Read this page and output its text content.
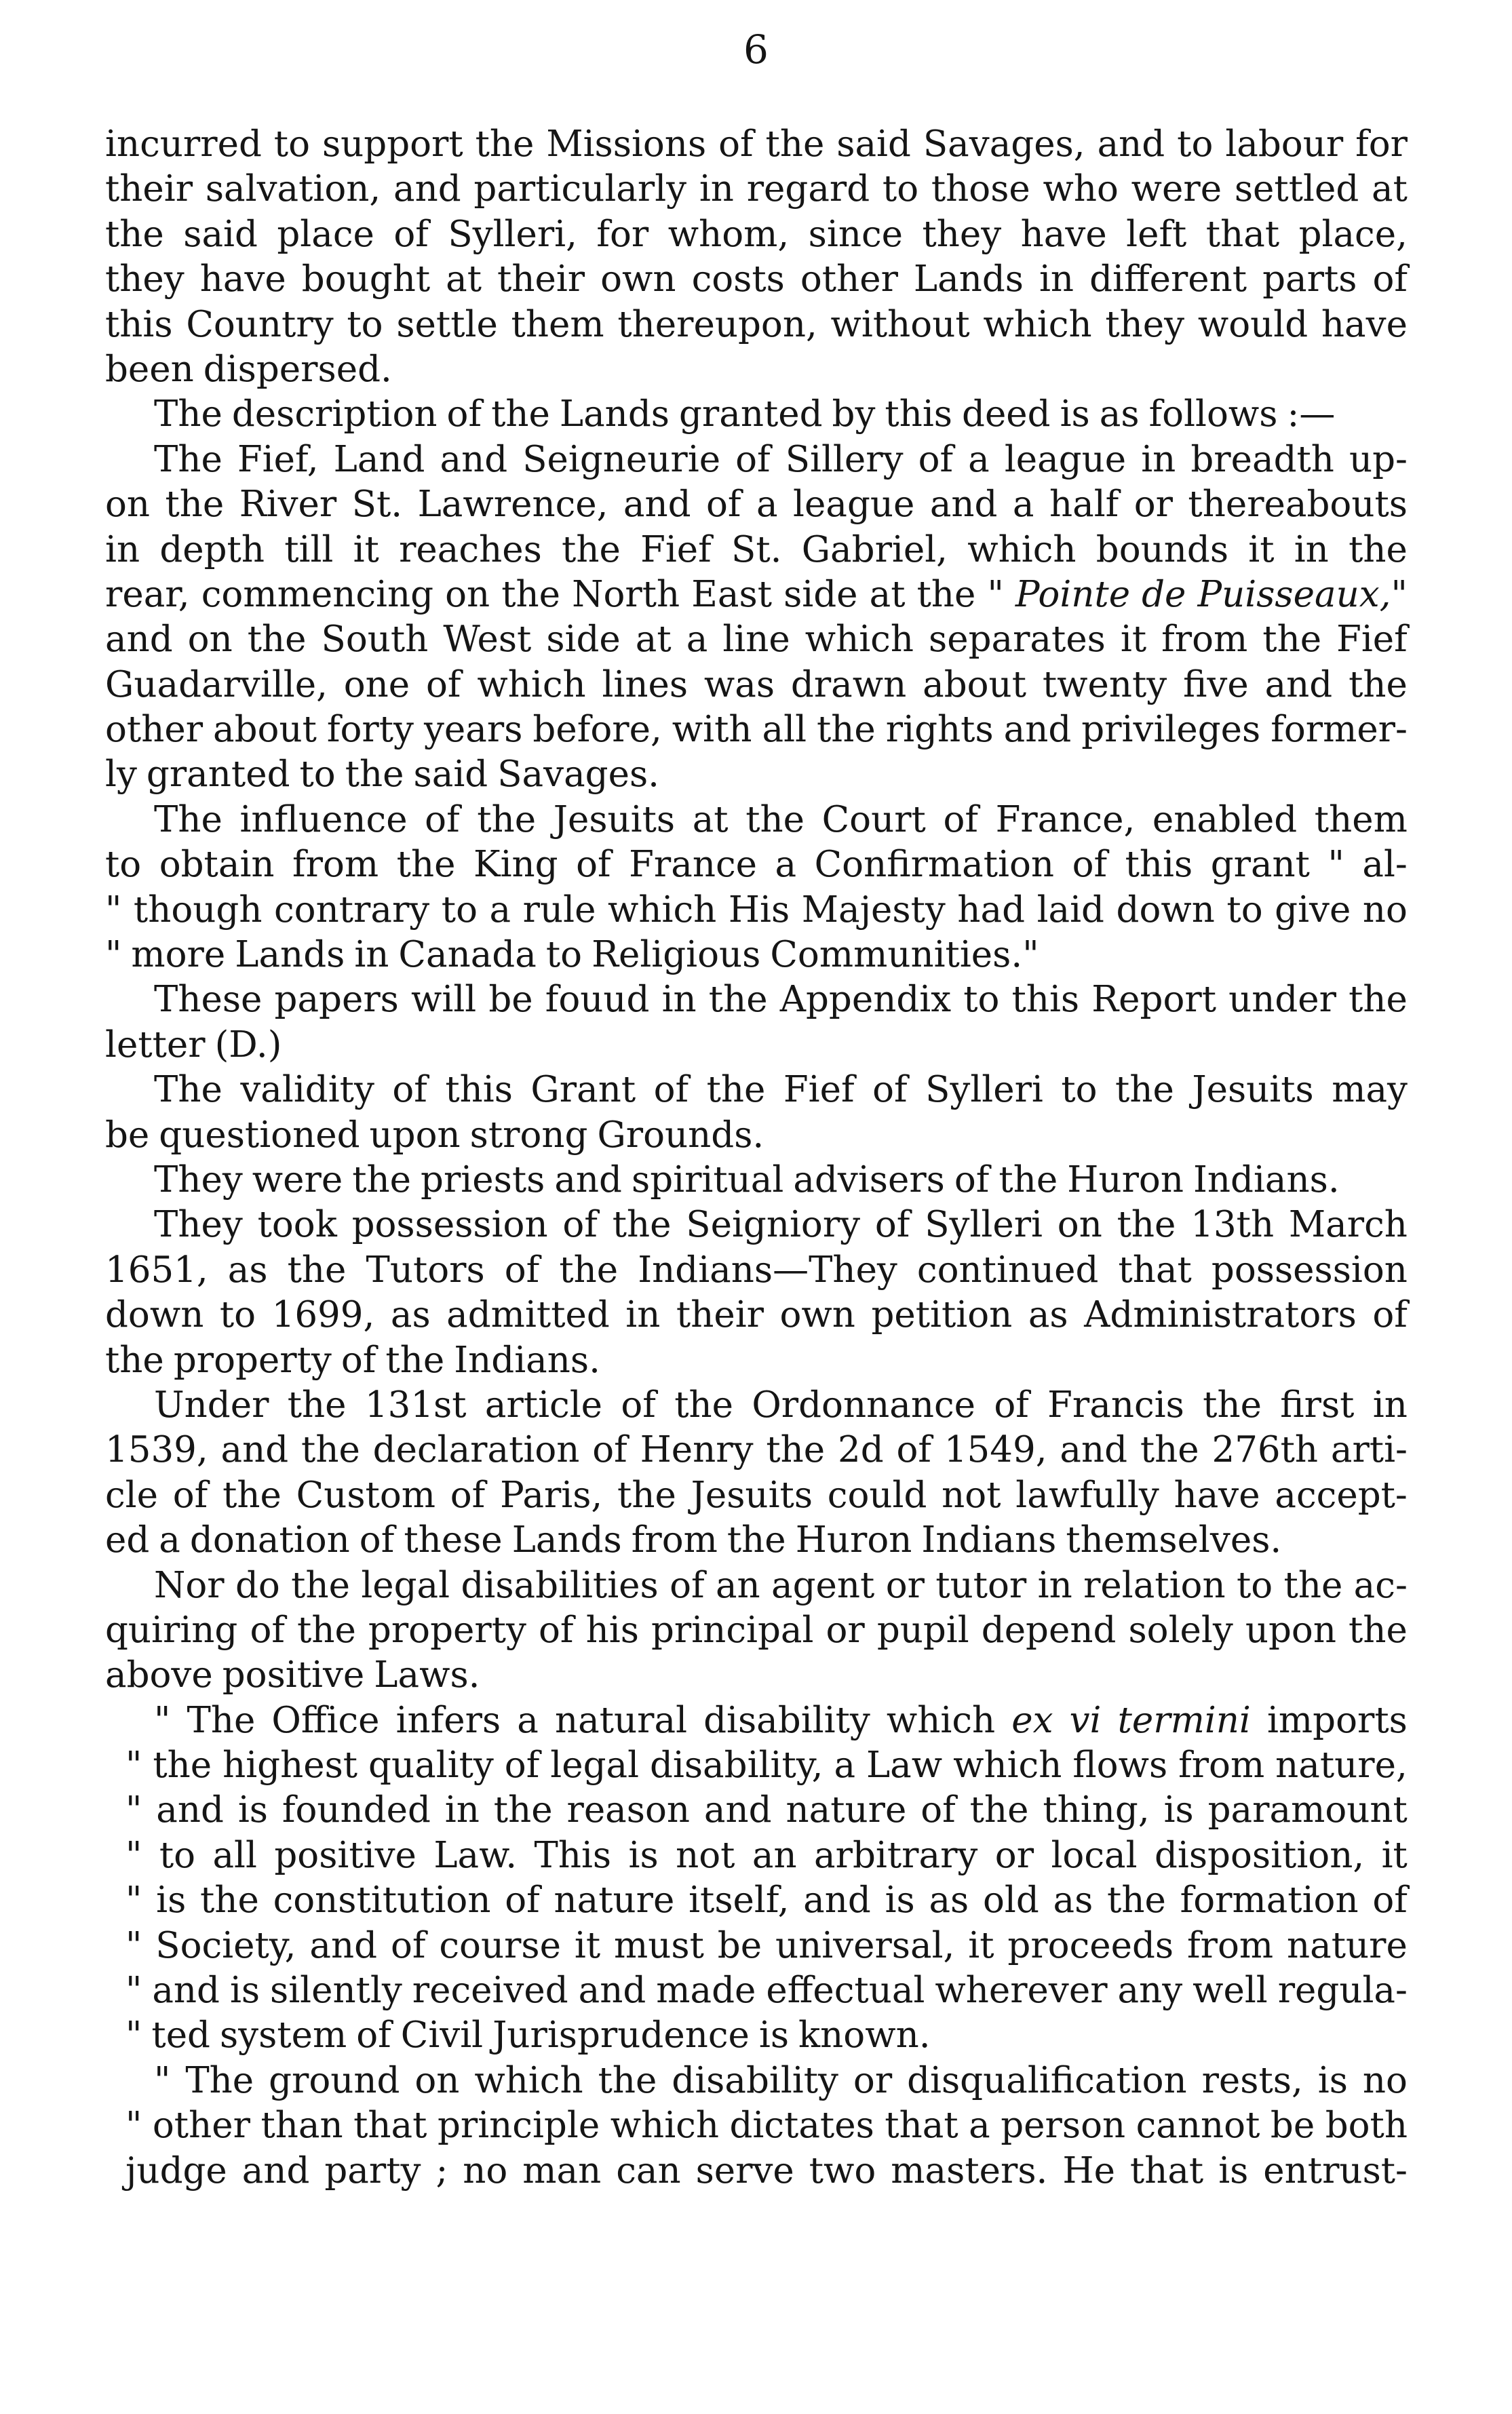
6
incurred to support the Missions of the said Savages, and to labour for
their salvation, and particularly in regard to those who were settled at
the said place of Sylleri, for whom, since they have left that place,
they have bought at their own costs other Lands in different parts of
this Country to settle them thereupon, without which they would have
been dispersed.
The description of the Lands granted by this deed is as follows :—
The Fief, Land and Seigneurie of Sillery of a league in breadth up-
on the River St. Lawrence, and of a league and a half or thereabouts
in depth till it reaches the Fief St. Gabriel, which bounds it in the
rear, commencing on the North East side at the " Pointe de Puisseaux,"
and on the South West side at a line which separates it from the Fief
Guadarville, one of which lines was drawn about twenty five and the
other about forty years before, with all the rights and privileges former-
ly granted to the said Savages.
The influence of the Jesuits at the Court of France, enabled them
to obtain from the King of France a Confirmation of this grant " al-
" though contrary to a rule which His Majesty had laid down to give no
" more Lands in Canada to Religious Communities."
These papers will be fouud in the Appendix to this Report under the
letter (D.)
The validity of this Grant of the Fief of Sylleri to the Jesuits may
be questioned upon strong Grounds.
They were the priests and spiritual advisers of the Huron Indians.
They took possession of the Seigniory of Sylleri on the 13th March
1651, as the Tutors of the Indians—They continued that possession
down to 1699, as admitted in their own petition as Administrators of
the property of the Indians.
Under the 131st article of the Ordonnance of Francis the first in
1539, and the declaration of Henry the 2d of 1549, and the 276th arti-
cle of the Custom of Paris, the Jesuits could not lawfully have accept-
ed a donation of these Lands from the Huron Indians themselves.
Nor do the legal disabilities of an agent or tutor in relation to the ac-
quiring of the property of his principal or pupil depend solely upon the
above positive Laws.
" The Office infers a natural disability which ex vi termini imports
" the highest quality of legal disability, a Law which flows from nature,
" and is founded in the reason and nature of the thing, is paramount
" to all positive Law. This is not an arbitrary or local disposition, it
" is the constitution of nature itself, and is as old as the formation of
" Society, and of course it must be universal, it proceeds from nature
" and is silently received and made effectual wherever any well regula-
" ted system of Civil Jurisprudence is known.
" The ground on which the disability or disqualification rests, is no
" other than that principle which dictates that a person cannot be both
judge and party ; no man can serve two masters. He that is entrust-
